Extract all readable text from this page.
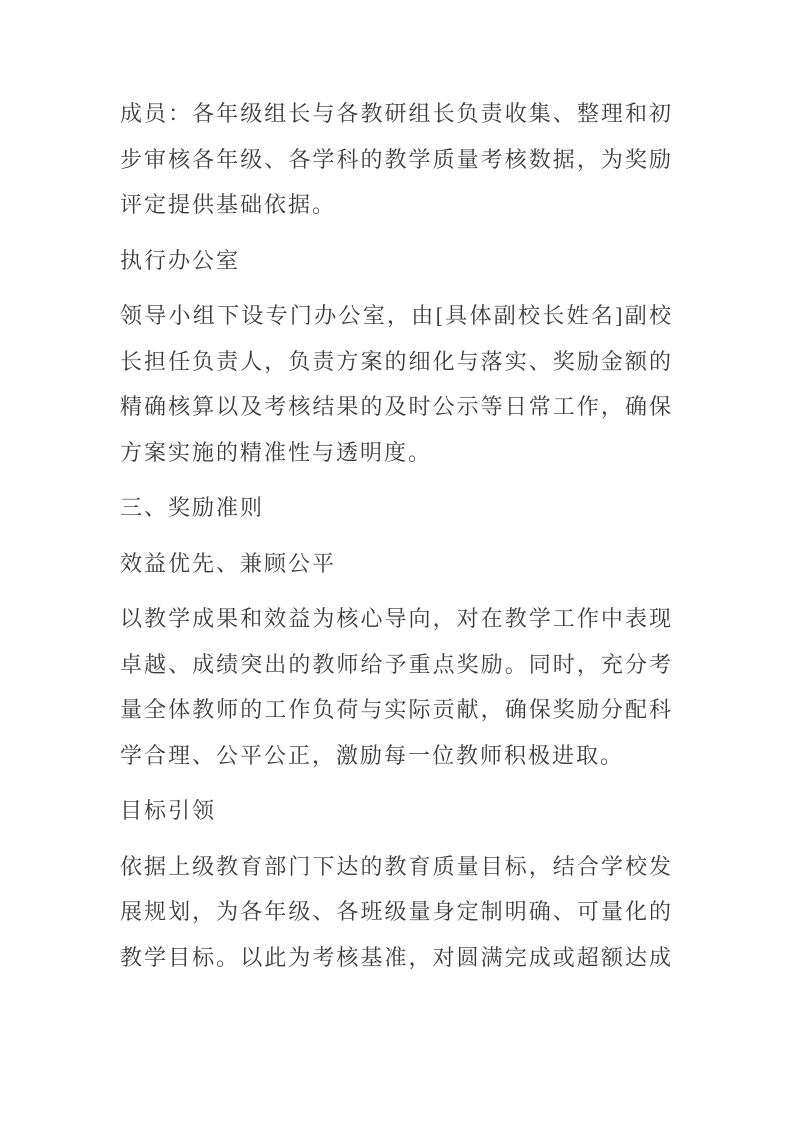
成员：各年级组长与各教研组长负责收集、整理和初
步审核各年级、各学科的教学质量考核数据，为奖励
评定提供基础依据。
执行办公室
领导小组下设专门办公室，由[具体副校长姓名]副校
长担任负责人，负责方案的细化与落实、奖励金额的
精确核算以及考核结果的及时公示等日常工作，确保
方案实施的精准性与透明度。
三、奖励准则
效益优先、兼顾公平
以教学成果和效益为核心导向，对在教学工作中表现
卓越、成绩突出的教师给予重点奖励。同时，充分考
量全体教师的工作负荷与实际贡献，确保奖励分配科
学合理、公平公正，激励每一位教师积极进取。
目标引领
依据上级教育部门下达的教育质量目标，结合学校发
展规划，为各年级、各班级量身定制明确、可量化的
教学目标。以此为考核基准，对圆满完成或超额达成
